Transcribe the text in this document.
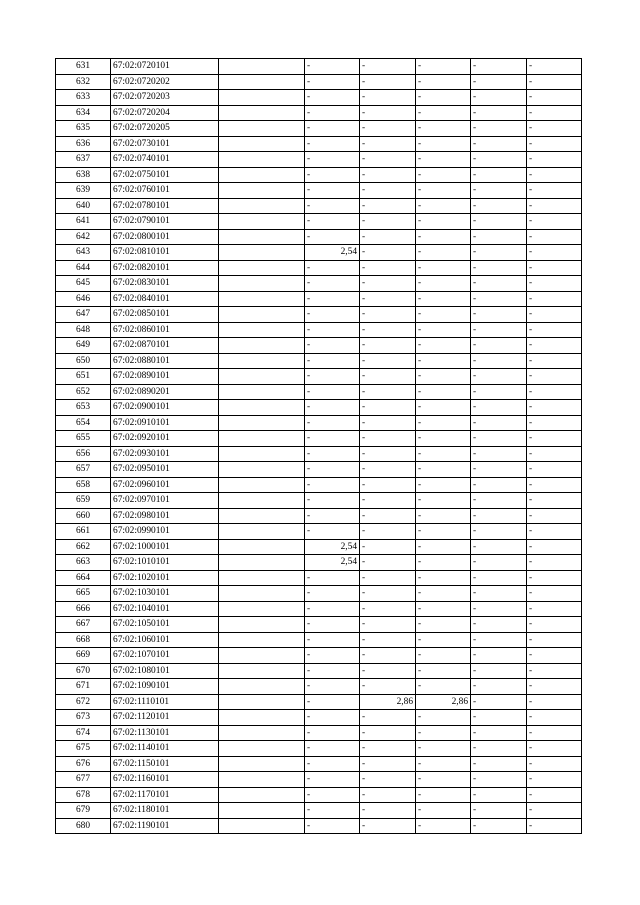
631	67:02:0720101		-	-	-	-	-
632	67:02:0720202		-	-	-	-	-
633	67:02:0720203		-	-	-	-	-
634	67:02:0720204		-	-	-	-	-
635	67:02:0720205		-	-	-	-	-
636	67:02:0730101		-	-	-	-	-
637	67:02:0740101		-	-	-	-	-
638	67:02:0750101		-	-	-	-	-
639	67:02:0760101		-	-	-	-	-
640	67:02:0780101		-	-	-	-	-
641	67:02:0790101		-	-	-	-	-
642	67:02:0800101		-	-	-	-	-
643	67:02:0810101		2,54	-	-	-	-
644	67:02:0820101		-	-	-	-	-
645	67:02:0830101		-	-	-	-	-
646	67:02:0840101		-	-	-	-	-
647	67:02:0850101		-	-	-	-	-
648	67:02:0860101		-	-	-	-	-
649	67:02:0870101		-	-	-	-	-
650	67:02:0880101		-	-	-	-	-
651	67:02:0890101		-	-	-	-	-
652	67:02:0890201		-	-	-	-	-
653	67:02:0900101		-	-	-	-	-
654	67:02:0910101		-	-	-	-	-
655	67:02:0920101		-	-	-	-	-
656	67:02:0930101		-	-	-	-	-
657	67:02:0950101		-	-	-	-	-
658	67:02:0960101		-	-	-	-	-
659	67:02:0970101		-	-	-	-	-
660	67:02:0980101		-	-	-	-	-
661	67:02:0990101		-	-	-	-	-
662	67:02:1000101		2,54	-	-	-	-
663	67:02:1010101		2,54	-	-	-	-
664	67:02:1020101		-	-	-	-	-
665	67:02:1030101		-	-	-	-	-
666	67:02:1040101		-	-	-	-	-
667	67:02:1050101		-	-	-	-	-
668	67:02:1060101		-	-	-	-	-
669	67:02:1070101		-	-	-	-	-
670	67:02:1080101		-	-	-	-	-
671	67:02:1090101		-	-	-	-	-
672	67:02:1110101		-	2,86	2,86	-	-
673	67:02:1120101		-	-	-	-	-
674	67:02:1130101		-	-	-	-	-
675	67:02:1140101		-	-	-	-	-
676	67:02:1150101		-	-	-	-	-
677	67:02:1160101		-	-	-	-	-
678	67:02:1170101		-	-	-	-	-
679	67:02:1180101		-	-	-	-	-
680	67:02:1190101		-	-	-	-	-
